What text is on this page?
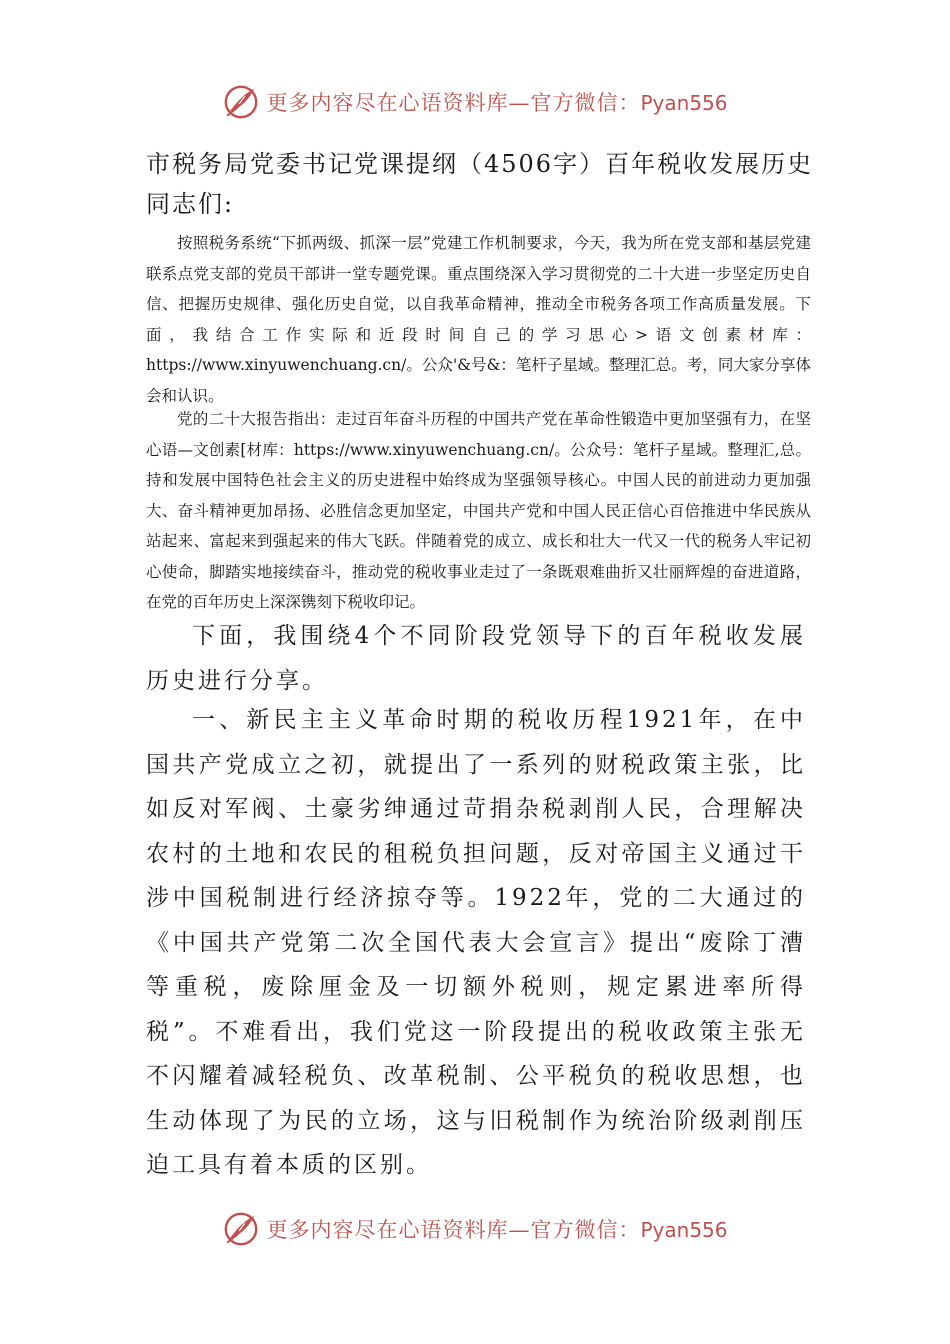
更多内容尽在心语资料库—官方微信：Pyan556
市税务局党委书记党课提纲（4506字）百年税收发展历史
同志们:

按照税务系统“下抓两级、抓深一层”党建工作机制要求，今天，我为所在党支部和基层党建联系点党支部的党员干部讲一堂专题党课。重点围绕深入学习贯彻党的二十大进一步坚定历史自信、把握历史规律、强化历史自觉，以自我革命精神，推动全市税务各项工作高质量发展。下面，我结合工作实际和近段时间自己的学习思心>语文创素材库：https://www.xinyuwenchuang.cn/。公众'&号&：笔杆子星域。整理汇总。考，同大家分享体会和认识。

党的二十大报告指出：走过百年奋斗历程的中国共产党在革命性锻造中更加坚强有力，在坚心语—文创素[材库：https://www.xinyuwenchuang.cn/。公众号：笔杆子星域。整理汇,总。持和发展中国特色社会主义的历史进程中始终成为坚强领导核心。中国人民的前进动力更加强大、奋斗精神更加昂扬、必胜信念更加坚定，中国共产党和中国人民正信心百倍推进中华民族从站起来、富起来到强起来的伟大飞跃。伴随着党的成立、成长和壮大一代又一代的税务人牢记初心使命，脚踏实地接续奋斗，推动党的税收事业走过了一条既艰难曲折又壮丽辉煌的奋进道路，在党的百年历史上深深镌刻下税收印记。

下面，我围绕4个不同阶段党领导下的百年税收发展历史进行分享。

一、新民主主义革命时期的税收历程1921年，在中国共产党成立之初，就提出了一系列的财税政策主张，比如反对军阀、土豪劣绅通过苛捐杂税剥削人民，合理解决农村的土地和农民的租税负担问题，反对帝国主义通过干涉中国税制进行经济掠夺等。1922年，党的二大通过的《中国共产党第二次全国代表大会宣言》提出“废除丁漕等重税，废除厘金及一切额外税则，规定累进率所得税”。不难看出，我们党这一阶段提出的税收政策主张无不闪耀着减轻税负、改革税制、公平税负的税收思想，也生动体现了为民的立场，这与旧税制作为统治阶级剥削压迫工具有着本质的区别。

更多内容尽在心语资料库—官方微信：Pyan556
